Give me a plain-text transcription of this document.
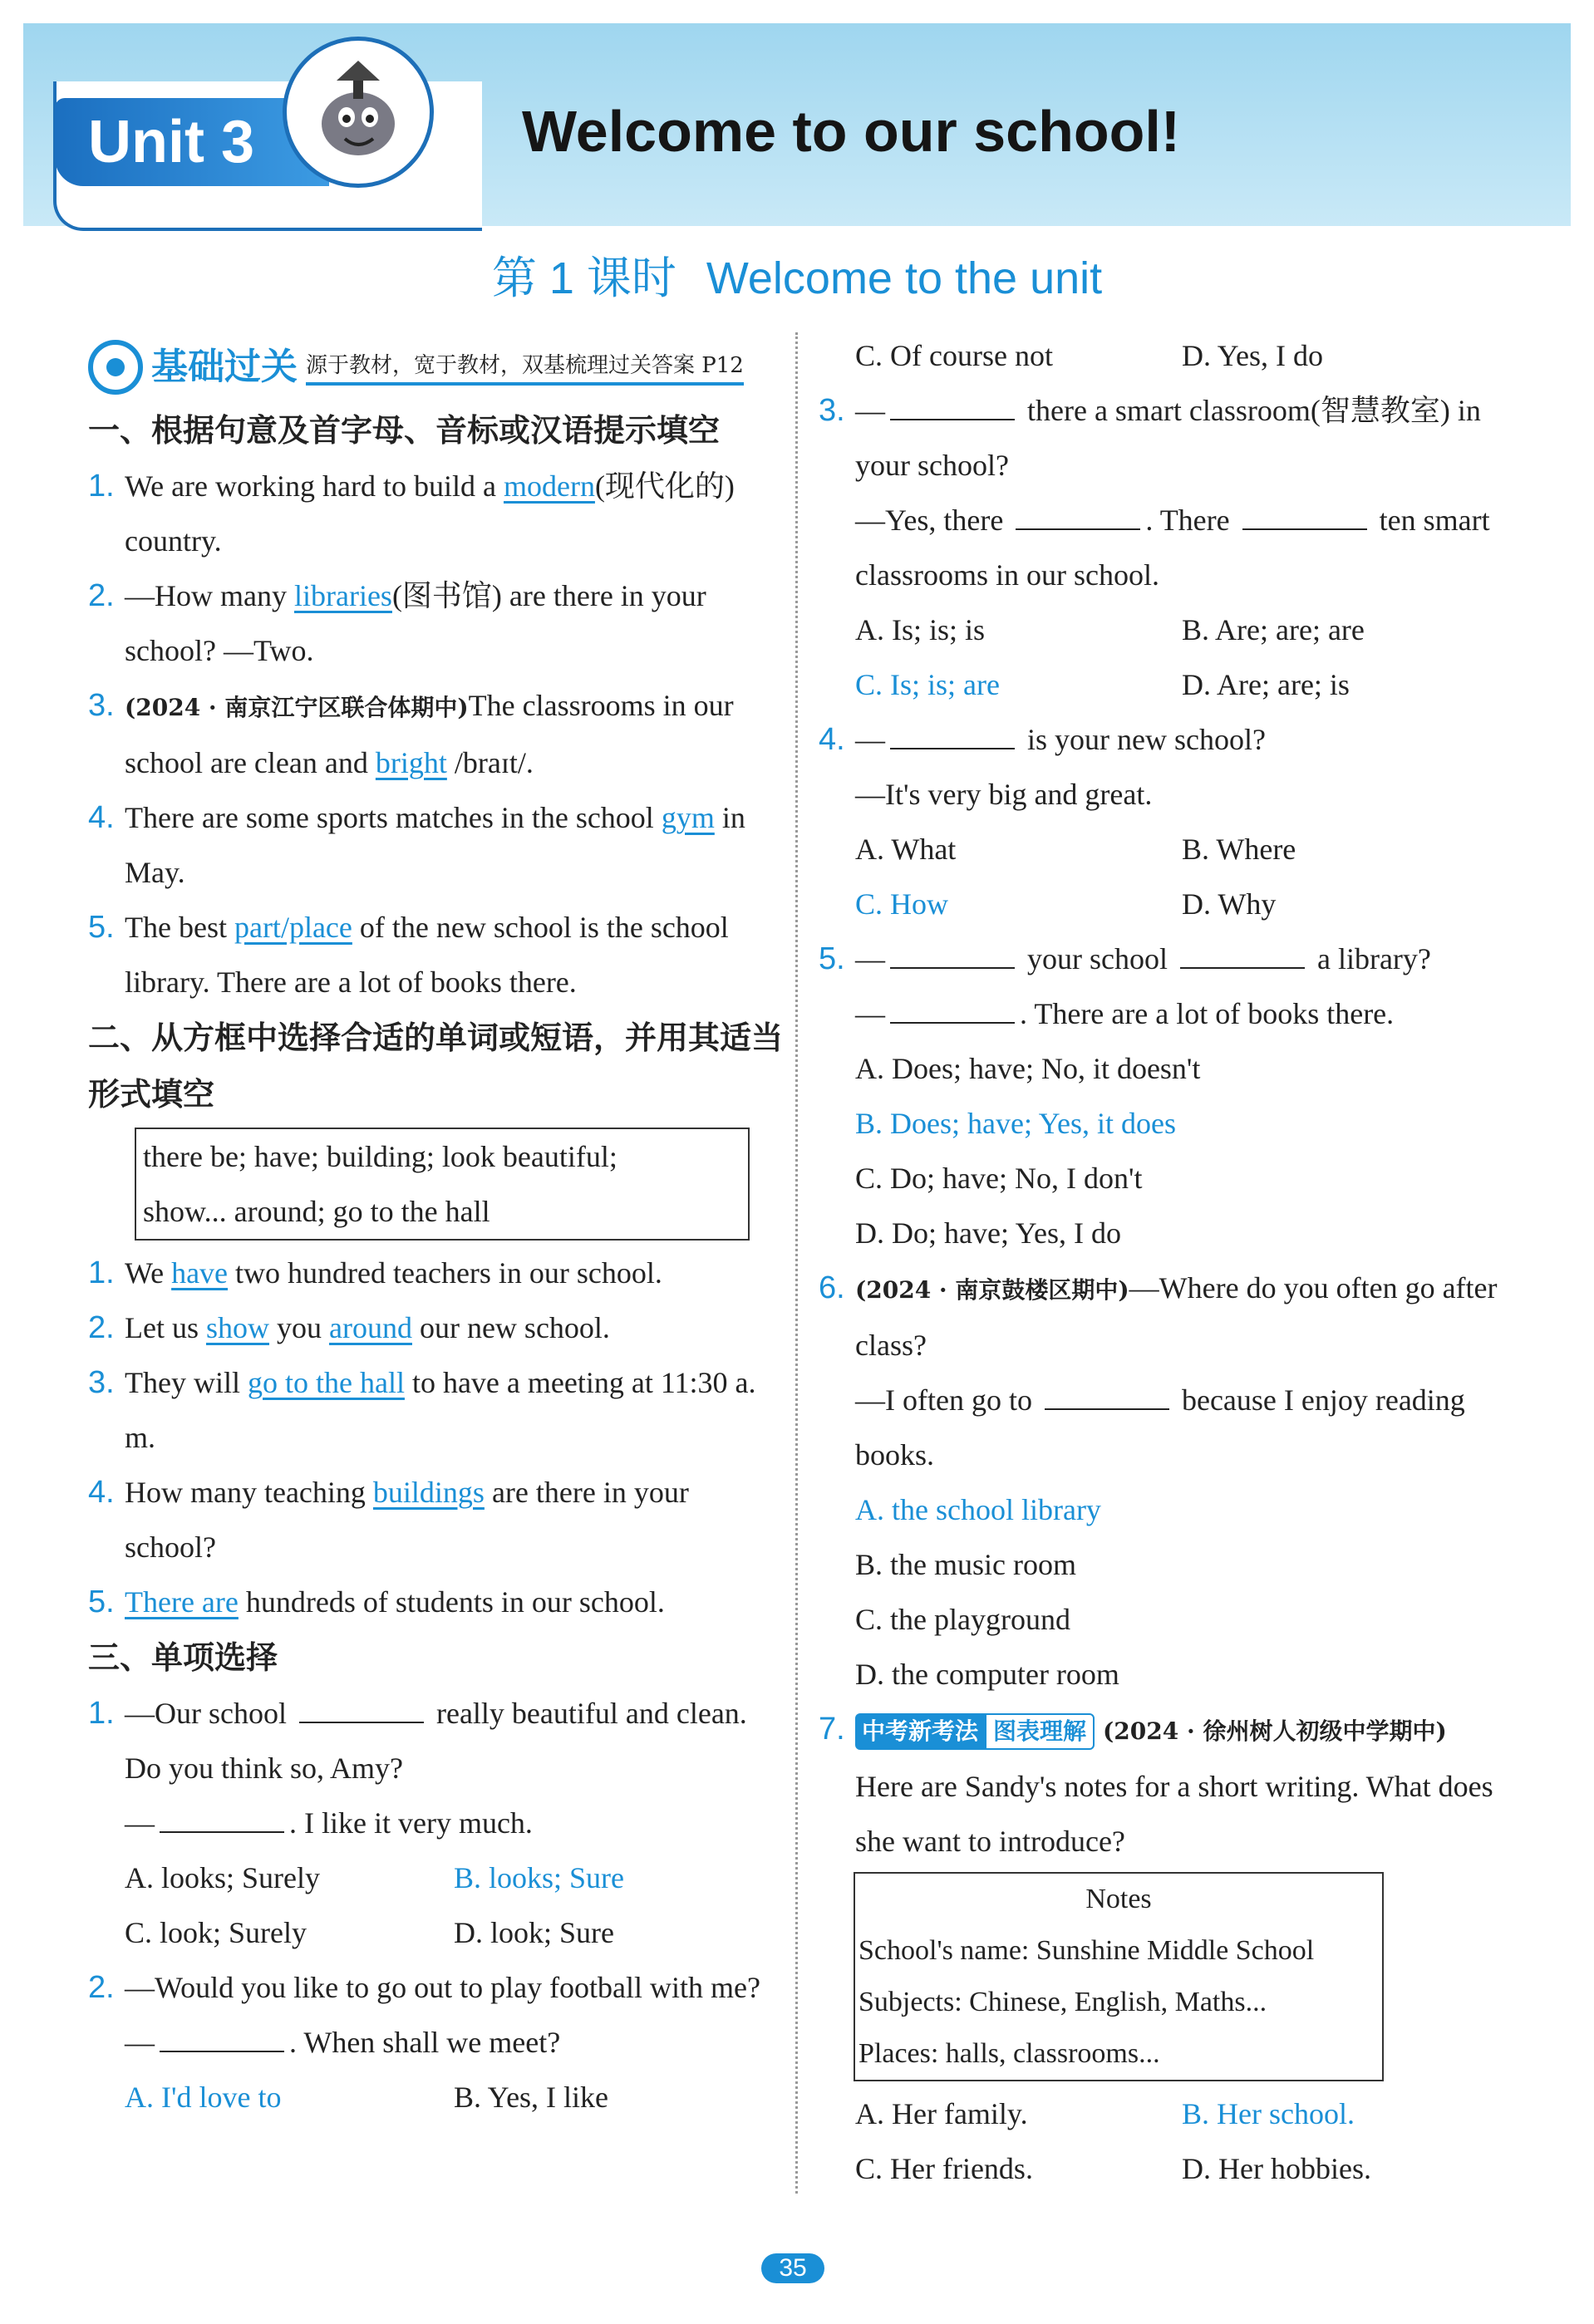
Unit 3	Welcome to our school!
第 1 课时 Welcome to the unit
基础过关 源于教材，宽于教材，双基梳理过关答案 P12
一、根据句意及首字母、音标或汉语提示填空
1. We are working hard to build a modern(现代化的) country.
2. —How many libraries(图书馆) are there in your school? —Two.
3. (2024 · 南京江宁区联合体期中)The classrooms in our school are clean and bright /braɪt/.
4. There are some sports matches in the school gym in May.
5. The best part/place of the new school is the school library. There are a lot of books there.
二、从方框中选择合适的单词或短语，并用其适当形式填空
there be; have; building; look beautiful;
show... around; go to the hall
1. We have two hundred teachers in our school.
2. Let us show you around our new school.
3. They will go to the hall to have a meeting at 11:30 a. m.
4. How many teaching buildings are there in your school?
5. There are hundreds of students in our school.
三、单项选择
1. —Our school	really beautiful and clean. Do you think so, Amy?
—	. I like it very much.
A. looks; Surely	B. looks; Sure
C. look; Surely	D. look; Sure
2. —Would you like to go out to play football with me?
—	. When shall we meet?
A. I'd love to	B. Yes, I like
C. Of course not	D. Yes, I do
3. —	there a smart classroom(智慧教室) in your school?
—Yes, there	. There	ten smart classrooms in our school.
A. Is; is; is	B. Are; are; are
C. Is; is; are	D. Are; are; is
4. —	is your new school?
—It's very big and great.
A. What	B. Where
C. How	D. Why
5. —	your school	a library?
—	. There are a lot of books there.
A. Does; have; No, it doesn't
B. Does; have; Yes, it does
C. Do; have; No, I don't
D. Do; have; Yes, I do
6. (2024 · 南京鼓楼区期中)—Where do you often go after class?
—I often go to	because I enjoy reading books.
A. the school library
B. the music room
C. the playground
D. the computer room
7. 中考新考法 图表理解 (2024 · 徐州树人初级中学期中)
Here are Sandy's notes for a short writing. What does she want to introduce?
Notes
School's name: Sunshine Middle School
Subjects: Chinese, English, Maths...
Places: halls, classrooms...
A. Her family.	B. Her school.
C. Her friends.	D. Her hobbies.
35
